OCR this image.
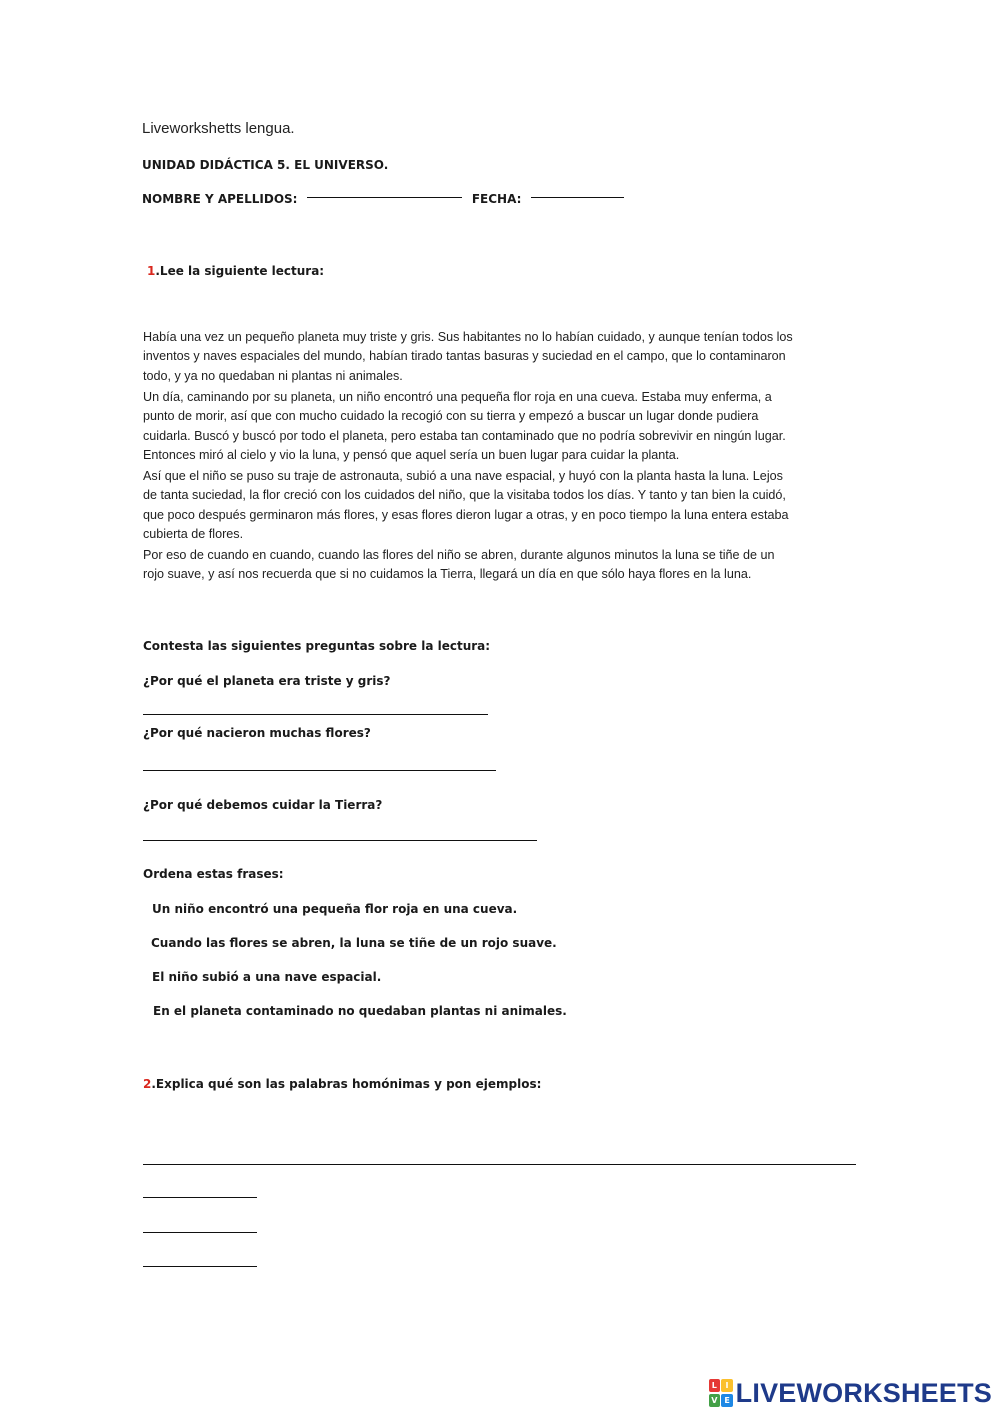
Liveworkshetts lengua.
UNIDAD DIDÁCTICA 5. EL UNIVERSO.
NOMBRE Y APELLIDOS:	FECHA:
1.Lee la siguiente lectura:

Había una vez un pequeño planeta muy triste y gris. Sus habitantes no lo habían cuidado, y aunque tenían todos los inventos y naves espaciales del mundo, habían tirado tantas basuras y suciedad en el campo, que lo contaminaron todo, y ya no quedaban ni plantas ni animales.

Un día, caminando por su planeta, un niño encontró una pequeña flor roja en una cueva. Estaba muy enferma, a punto de morir, así que con mucho cuidado la recogió con su tierra y empezó a buscar un lugar donde pudiera cuidarla. Buscó y buscó por todo el planeta, pero estaba tan contaminado que no podría sobrevivir en ningún lugar. Entonces miró al cielo y vio la luna, y pensó que aquel sería un buen lugar para cuidar la planta.

Así que el niño se puso su traje de astronauta, subió a una nave espacial, y huyó con la planta hasta la luna. Lejos de tanta suciedad, la flor creció con los cuidados del niño, que la visitaba todos los días. Y tanto y tan bien la cuidó, que poco después germinaron más flores, y esas flores dieron lugar a otras, y en poco tiempo la luna entera estaba cubierta de flores.

Por eso de cuando en cuando, cuando las flores del niño se abren, durante algunos minutos la luna se tiñe de un rojo suave, y así nos recuerda que si no cuidamos la Tierra, llegará un día en que sólo haya flores en la luna.

Contesta las siguientes preguntas sobre la lectura:
¿Por qué el planeta era triste y gris?
¿Por qué nacieron muchas flores?
¿Por qué debemos cuidar la Tierra?
Ordena estas frases:
Un niño encontró una pequeña flor roja en una cueva.
Cuando las flores se abren, la luna se tiñe de un rojo suave.
El niño subió a una nave espacial.
En el planeta contaminado no quedaban plantas ni animales.
2.Explica qué son las palabras homónimas y pon ejemplos:
L	I
V E LIVEWORKSHEETS
